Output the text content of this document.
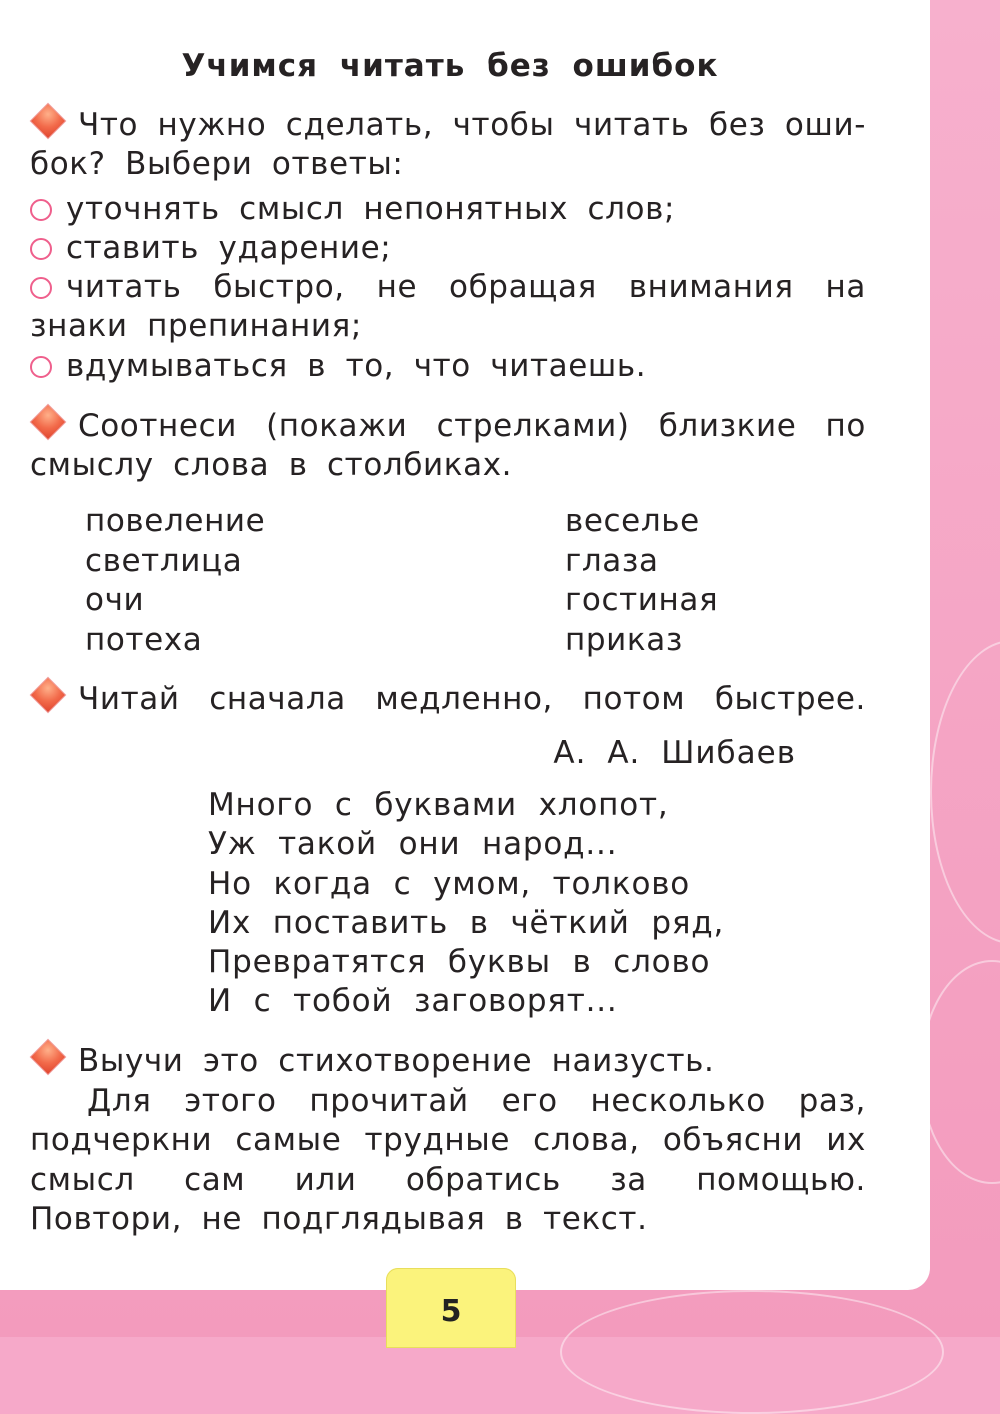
Учимся читать без ошибок
Что нужно сделать, чтобы читать без оши-
бок? Выбери ответы:
уточнять смысл непонятных слов;
ставить ударение;
читать быстро, не обращая внимания на
знаки препинания;
вдумываться в то, что читаешь.
Соотнеси (покажи стрелками) близкие по
смыслу слова в столбиках.
повеление
светлица
очи
потеха
веселье
глаза
гостиная
приказ
Читай сначала медленно, потом быстрее.
А. А. Шибаев
Много с буквами хлопот,
Уж такой они народ...
Но когда с умом, толково
Их поставить в чёткий ряд,
Превратятся буквы в слово
И с тобой заговорят...
Выучи это стихотворение наизусть.
Для этого прочитай его несколько раз,
подчеркни самые трудные слова, объясни их
смысл сам или обратись за помощью.
Повтори, не подглядывая в текст.
5
